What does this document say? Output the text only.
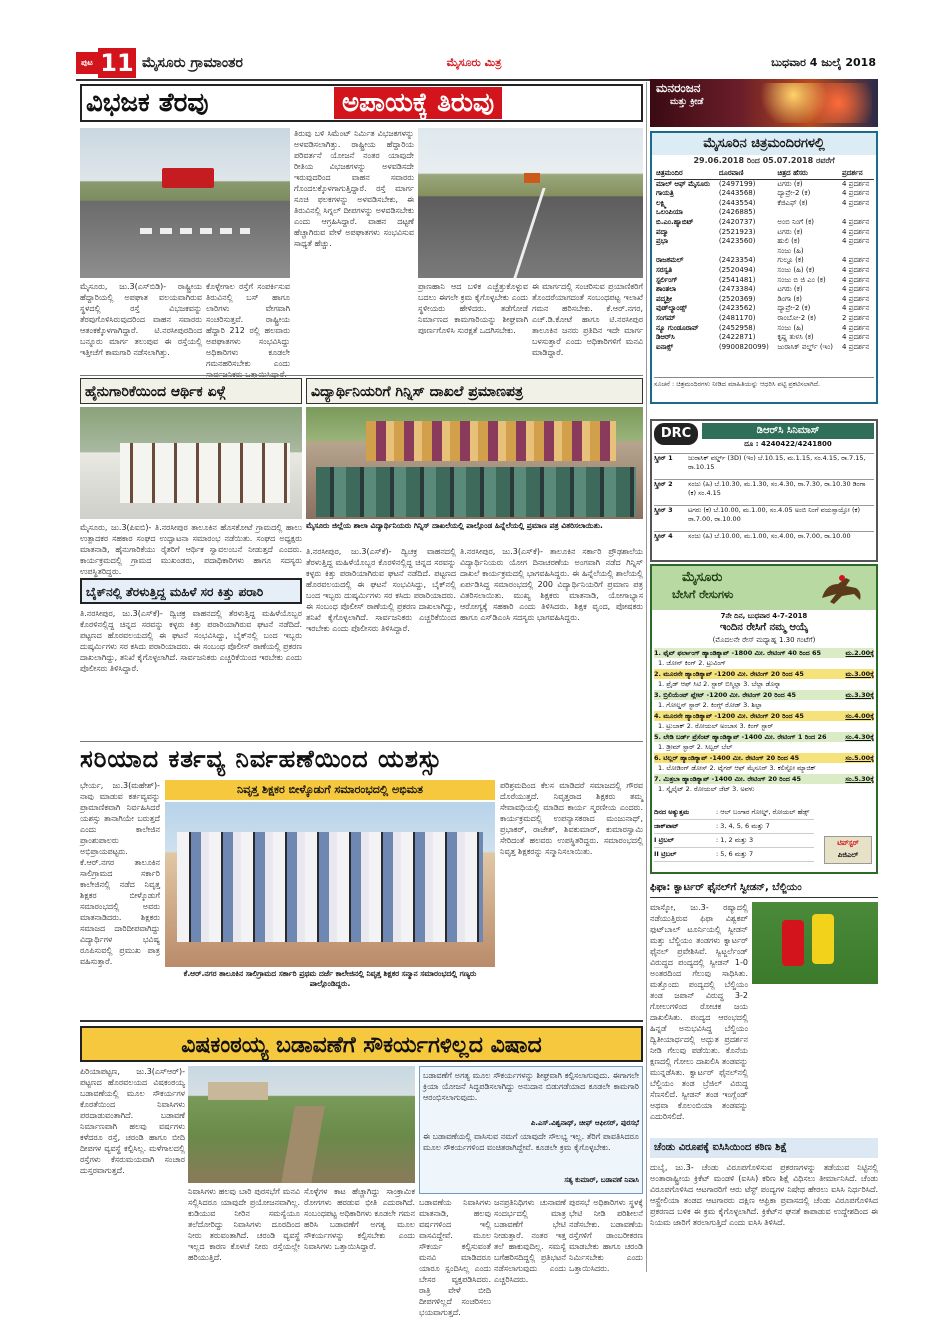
ಪುಟ 11 ಮೈಸೂರು ಗ್ರಾಮಾಂತರ	ಮೈಸೂರು ಮಿತ್ರ	ಬುಧವಾರ 4 ಜುಲೈ 2018
ವಿಭಜಕ ತೆರವು	ಅಪಾಯಕ್ಕೆ ತಿರುವು	ಮನರಂಜನ
ಮತ್ತು ಕ್ರೀಡೆ
ಮೈಸೂರು, ಜು.3(ಎಸ್‌ಬಿಡಿ)- ರಾಷ್ಟ್ರೀಯ ಹೆದ್ದಾರಿಯಲ್ಲಿ ಅಪಘಾತ ವಲಯವಾಗಿರುವ ಸ್ಥಳದಲ್ಲಿ ರಸ್ತೆ ವಿಭಜಕವನ್ನು ತೆರವುಗೊಳಿಸಿರುವುದರಿಂದ ವಾಹನ ಸವಾರರು ಆತಂಕಕ್ಕೊಳಗಾಗಿದ್ದಾರೆ. ಟಿ.ನರಸೀಪುರದಿಂದ ಬನ್ನೂರು ಮಾರ್ಗ ತಲುಪುವ ಈ ರಸ್ತೆಯಲ್ಲಿ ಇತ್ತೀಚೆಗೆ ಕಾಮಗಾರಿ ನಡೆಸಲಾಗಿತ್ತು.
ಕೊಳ್ಳೇಗಾಲ ರಸ್ತೆಗೆ ಸಂಪರ್ಕಿಸುವ ತಿರುವಿನಲ್ಲಿ ಬಸ್ ಹಾಗೂ ಲಾರಿಗಳು ವೇಗವಾಗಿ ಸಂಚರಿಸುತ್ತವೆ. ರಾಷ್ಟ್ರೀಯ ಹೆದ್ದಾರಿ 212 ರಲ್ಲಿ ಹಲವಾರು ಅಪಘಾತಗಳು ಸಂಭವಿಸಿದ್ದು ಅಧಿಕಾರಿಗಳು ಕೂಡಲೇ ಗಮನಹರಿಸಬೇಕು ಎಂದು
ತಿರುವು ಬಳಿ ಸಿಮೆಂಟ್ ನಿರ್ಮಿತ ವಿಭಜಕಗಳನ್ನು ಅಳವಡಿಸಲಾಗಿತ್ತು. ರಾಷ್ಟ್ರೀಯ ಹೆದ್ದಾರಿಯ ಪರಿವರ್ತನೆ ಯೋಜನೆ ನಂತರ ಯಾವುದೇ ರೀತಿಯ ವಿಭಜಕಗಳನ್ನು ಅಳವಡಿಸದೇ ಇರುವುದರಿಂದ ವಾಹನ ಸವಾರರು ಗೊಂದಲಕ್ಕೊಳಗಾಗುತ್ತಿದ್ದಾರೆ. ರಸ್ತೆ ಮಾರ್ಗ ಸೂಚಿ ಫಲಕಗಳನ್ನು ಅಳವಡಿಸಬೇಕು, ಈ ತಿರುವಿನಲ್ಲಿ ಸಿಗ್ನಲ್ ದೀಪಗಳನ್ನು ಅಳವಡಿಸಬೇಕು ಎಂದು ಆಗ್ರಹಿಸಿದ್ದಾರೆ. ವಾಹನ ದಟ್ಟಣೆ ಹೆಚ್ಚಾಗಿರುವ ವೇಳೆ ಅಪಘಾತಗಳು ಸಂಭವಿಸುವ ಸಾಧ್ಯತೆ ಹೆಚ್ಚು.
ಪ್ರಾಣಹಾನಿ ಆದ ಬಳಿಕ ಎಚ್ಚೆತ್ತುಕೊಳ್ಳುವ ಬದಲು ಈಗಲೇ ಕ್ರಮ ಕೈಗೊಳ್ಳಬೇಕು ಎಂದು ಸ್ಥಳೀಯರು ಹೇಳಿದರು. ತಡೆಗೋಡೆ ನಿರ್ಮಾಣದ ಕಾಮಗಾರಿಯನ್ನು ಶೀಘ್ರವಾಗಿ ಪೂರ್ಣಗೊಳಿಸಿ ಸುರಕ್ಷತೆ ಒದಗಿಸಬೇಕು.
ಈ ಮಾರ್ಗದಲ್ಲಿ ಸಂಚರಿಸುವ ಪ್ರಯಾಣಿಕರಿಗೆ ತೊಂದರೆಯಾಗದಂತೆ ಸಂಬಂಧಪಟ್ಟ ಇಲಾಖೆ ಗಮನ ಹರಿಸಬೇಕು. ಕೆ.ಆರ್.ನಗರ, ಎಚ್.ಡಿ.ಕೋಟೆ ಹಾಗೂ ಟಿ.ನರಸೀಪುರ ತಾಲೂಕಿನ ಜನರು ಪ್ರತಿದಿನ ಇದೇ ಮಾರ್ಗ ಬಳಸುತ್ತಾರೆ ಎಂದು ಅಧಿಕಾರಿಗಳಿಗೆ ಮನವಿ ಮಾಡಿದ್ದಾರೆ.
ಮೈಸೂರಿನ ಚಿತ್ರಮಂದಿರಗಳಲ್ಲಿ
29.06.2018 ರಿಂದ 05.07.2018 ರವರೆಗೆ
ಚಿತ್ರಮಂದಿರ	ದೂರವಾಣಿ	ಚಿತ್ರದ ಹೆಸರು	ಪ್ರದರ್ಶನ
ಮಾಲ್ ಆಫ್ ಮೈಸೂರು	(2497199)	ಟಗರು (ಕ)	4 ಪ್ರದರ್ಶನ
ಗಾಯತ್ರಿ	(2443568)	ದ್ಯಾವ್ರೇ-2 (ಕ)	4 ಪ್ರದರ್ಶನ
ಲಕ್ಷ್ಮಿ	(2443554)	ಕೆಜಿಎಫ್ (ಕ)	4 ಪ್ರದರ್ಶನ
ಒಲಂಪಿಯಾ	(2426885)		
ಬಿ.ಎಂ.ಹ್ಯಾಬಿಟ್	(2420737)	ಅಂಬಿ ನಿಂಗೆ (ಕ)	4 ಪ್ರದರ್ಶನ
ಪದ್ಮಾ	(2521923)	ಟಗರು (ಕ)	4 ಪ್ರದರ್ಶನ
ಪ್ರಭಾ	(2423560)	ಹುಲಿ (ಕ)	4 ಪ್ರದರ್ಶನ
		ಸಂಜು (ಹಿ)	
ರಾಜಕಮಲ್	(2423354)	ಗುಲ್ಟೂ (ಕ)	4 ಪ್ರದರ್ಶನ
ಸರಸ್ವತಿ	(2520494)	ಸಂಜು (ಹಿ) (ಕ)	4 ಪ್ರದರ್ಶನ
ಸ್ಟರ್ಲಿಂಗ್	(2541481)	ಸಂಜು ಬಿ ಜಿ ಎಂ (ಕ)	4 ಪ್ರದರ್ಶನ
ಶಾಂತಲಾ	(2473384)	ಟಗರು (ಕ)	4 ಪ್ರದರ್ಶನ
ಪದ್ಮಶ್ರೀ	(2520369)	ಡಿಂಗಾ (ಕ)	4 ಪ್ರದರ್ಶನ
ವುಡ್‌ಲ್ಯಾಂಡ್ಸ್	(2423562)	ದ್ಯಾವ್ರೇ-2 (ಕ)	4 ಪ್ರದರ್ಶನ
ಸಂಗಮ್	(2481170)	ರಾಂಬೋ-2 (ಕ)	2 ಪ್ರದರ್ಶನ
ನ್ಯೂ ಗುಂಡೂರಾವ್	(2452958)	ಸಂಜು (ಹಿ)	4 ಪ್ರದರ್ಶನ
ಡಿಆರ್‌ಸಿ	(2422871)	ಕೃಷ್ಣ ತುಳಸಿ (ಕ)	4 ಪ್ರದರ್ಶನ
ಐನಾಕ್ಸ್	(9900820099)	ಜುರಾಸಿಕ್ ವರ್ಲ್ಡ್ (ಇಂ)	4 ಪ್ರದರ್ಶನ
ಸೂಚನೆ : ಚಿತ್ರಮಂದಿರಗಳು ನೀಡಿದ ಮಾಹಿತಿಯನ್ನು ಆಧರಿಸಿ ಪಟ್ಟಿ ಪ್ರಕಟಿಸಲಾಗಿದೆ.
DRC	ಡಿಆರ್‌ಸಿ ಸಿನಿಮಾಸ್
ದೂ : 4240422/4241800
ಸ್ಕ್ರೀನ್ 1	ಜುರಾಸಿಕ್ ವರ್ಲ್ಡ್ (3D) (ಇಂ) ಬೆ.10.15, ಮ.1.15, ಸಂ.4.15, ರಾ.7.15, ರಾ.10.15
ಸ್ಕ್ರೀನ್ 2	ಸಂಜು (ಹಿ) ಬೆ.10.30, ಮ.1.30, ಸಂ.4.30, ರಾ.7.30, ರಾ.10.30 ಡಿಂಗಾ (ಕ) ಸಂ.4.15
ಸ್ಕ್ರೀನ್ 3	ಟಗರು (ಕ) ಬೆ.10.00, ಮ.1.00, ಸಂ.4.05 ಅಂಬಿ ನಿಂಗೆ ವಯಸ್ಸಾಯ್ತೋ (ಕ) ರಾ.7.00, ರಾ.10.00
ಸ್ಕ್ರೀನ್ 4	ಸಂಜು (ಹಿ) ಬೆ.10.00, ಮ.1.00, ಸಂ.4.00, ರಾ.7.00, ರಾ.10.00
ಮೈಸೂರು
ಬೇಸಿಗೆ ರೇಸುಗಳು
7ನೇ ದಿನ, ಬುಧವಾರ 4-7-2018
ಇಂದಿನ ರೇಸಿಗೆ ನಮ್ಮ ಆಯ್ಕೆ
(ಮೊದಲನೇ ರೇಸ್ ಮಧ್ಯಾಹ್ನ 1.30 ಗಂಟೆಗೆ)
1. ಫೈವ್ ಫರ್ಲಾಂಗ್ ಹ್ಯಾಂಡಿಕ್ಯಾಪ್ -1800 ಮೀ. ರೇಟಿಂಗ್ 40 ರಿಂದ 65	ಮ.2.00ಕ್ಕೆ
1. ಜೋನ್ ಕಿಂಗ್ 2. ಟ್ರುವಿಂಗ್
2. ಮೂರನೇ ಹ್ಯಾಂಡಿಕ್ಯಾಪ್ -1200 ಮೀ. ರೇಟಿಂಗ್ 20 ರಿಂದ 45	ಮ.3.00ಕ್ಕೆ
1. ಪ್ರೈಡ್ ಆಫ್ ಸಿಟಿ 2. ಸ್ಟಾರ್ ಬಿಸ್ಮಿಲ್ಲಾ 3. ಬೆಲ್ಲಾ ಡೊನ್ನಾ
3. ಬ್ರಿಲಿಯೆಂಟ್ ಪ್ಲೇಟ್ -1200 ಮೀ. ರೇಟಿಂಗ್ 20 ರಿಂದ 45	ಮ.3.30ಕ್ಕೆ
1. ಗೋಲ್ಡನ್ ಸ್ಟಾರ್ 2. ಕಿಂಗ್ಸ್ ರೋಡ್ 3. ಶಿಲ್ಪಾ
4. ಮೂರನೇ ಹ್ಯಾಂಡಿಕ್ಯಾಪ್ -1200 ಮೀ. ರೇಟಿಂಗ್ 20 ರಿಂದ 45	ಸಂ.4.00ಕ್ಕೆ
1. ಟ್ರುಬಾಕ್ 2. ರೋಯಲ್ ಅಂಬಾಸ 3. ಕಿಂಗ್ ಸ್ಟಾರ್
5. ಲೇಡಿ ಬರ್ಡ್ ಪ್ರೆಸೆಂಟ್ ಹ್ಯಾಂಡಿಕ್ಯಾಪ್ -1400 ಮೀ. ರೇಟಿಂಗ್ 1 ರಿಂದ 26	ಸಂ.4.30ಕ್ಕೆ
1. ಡ್ರೀಮ್ ಸ್ಟಾರ್ 2. ಸಿಲ್ವರ್ ಬೆಲ್
6. ಟಿಲ್ಲರ್ ಹ್ಯಾಂಡಿಕ್ಯಾಪ್ -1400 ಮೀ. ರೇಟಿಂಗ್ 20 ರಿಂದ 45	ಸಂ.5.00ಕ್ಕೆ
1. ಲೋಡಿಂಗ್ ಡೋಸ್ 2. ಟೈಗರ್ ಆಫ್ ಮೈಸೂರ್ 3. ಕಲಿಸ್ಟೋ ಮ್ಯಾಜಿಕ್
7. ಮಿತ್ರಬಾ ಹ್ಯಾಂಡಿಕ್ಯಾಪ್ -1400 ಮೀ. ರೇಟಿಂಗ್ 20 ರಿಂದ 45	ಸಂ.5.30ಕ್ಕೆ
1. ಸ್ಕೈಲೈಟ್ 2. ರೋಯಲ್ ಜೆಟ್ 3. ಅವಳು
ದಿನದ ಅತ್ಯುತ್ತಮ	: ಆಲ್ ಬಂಗಾರ ಗೋಲ್ಡ್, ರೋಯಲ್ ಹೆಡ್ಸ್
ಜಾಕ್‌ಪಾಟ್	: 3, 4, 5, 6 ಮತ್ತು 7
I ಟ್ರಿಬಲ್	: 1, 2 ಮತ್ತು 3
II ಟ್ರಿಬಲ್	: 5, 6 ಮತ್ತು 7
ಟಿಪ್‌ಸ್ಟರ್
ಪಿಜಿಎಲ್
ಹೈನುಗಾರಿಕೆಯಿಂದ ಆರ್ಥಿಕ ಏಳ್ಗೆ
ಮೈಸೂರು, ಜು.3(ಪಿಐಬಿ)- ತಿ.ನರಸೀಪುರ ತಾಲೂಕಿನ ಹೊಸಕೋಟೆ ಗ್ರಾಮದಲ್ಲಿ ಹಾಲು ಉತ್ಪಾದಕರ ಸಹಕಾರ ಸಂಘದ ಉದ್ಘಾಟನಾ ಸಮಾರಂಭ ನಡೆಯಿತು. ಸಂಘದ ಅಧ್ಯಕ್ಷರು ಮಾತನಾಡಿ, ಹೈನುಗಾರಿಕೆಯು ರೈತರಿಗೆ ಆರ್ಥಿಕ ಸ್ವಾವಲಂಬನೆ ನೀಡುತ್ತದೆ ಎಂದರು. ಕಾರ್ಯಕ್ರಮದಲ್ಲಿ ಗ್ರಾಮದ ಮುಖಂಡರು, ಪದಾಧಿಕಾರಿಗಳು ಹಾಗೂ ಸದಸ್ಯರು ಉಪಸ್ಥಿತರಿದ್ದರು.
ವಿದ್ಯಾರ್ಥಿನಿಯರಿಗೆ ಗಿನ್ನಿಸ್ ದಾಖಲೆ ಪ್ರಮಾಣಪತ್ರ
ಮೈಸೂರು ಜಿಲ್ಲೆಯ ಶಾಲಾ ವಿದ್ಯಾರ್ಥಿನಿಯರು ಗಿನ್ನಿಸ್ ದಾಖಲೆಯಲ್ಲಿ ಪಾಲ್ಗೊಂಡ ಹಿನ್ನೆಲೆಯಲ್ಲಿ ಪ್ರಮಾಣ ಪತ್ರ ವಿತರಿಸಲಾಯಿತು.
ತಿ.ನರಸೀಪುರ, ಜು.3(ಎಸ್‌ಕೆ)- ತಾಲೂಕಿನ ಸರ್ಕಾರಿ ಪ್ರೌಢಶಾಲೆಯ ವಿದ್ಯಾರ್ಥಿನಿಯರು ಯೋಗ ದಿನಾಚರಣೆಯ ಅಂಗವಾಗಿ ನಡೆದ ಗಿನ್ನಿಸ್ ದಾಖಲೆ ಕಾರ್ಯಕ್ರಮದಲ್ಲಿ ಭಾಗವಹಿಸಿದ್ದರು. ಈ ಹಿನ್ನೆಲೆಯಲ್ಲಿ ಶಾಲೆಯಲ್ಲಿ ಏರ್ಪಡಿಸಿದ್ದ ಸಮಾರಂಭದಲ್ಲಿ 200 ವಿದ್ಯಾರ್ಥಿನಿಯರಿಗೆ ಪ್ರಮಾಣ ಪತ್ರ ವಿತರಿಸಲಾಯಿತು. ಮುಖ್ಯ ಶಿಕ್ಷಕರು ಮಾತನಾಡಿ, ಯೋಗಾಭ್ಯಾಸ ಆರೋಗ್ಯಕ್ಕೆ ಸಹಕಾರಿ ಎಂದು ತಿಳಿಸಿದರು. ಶಿಕ್ಷಕ ವೃಂದ, ಪೋಷಕರು ಹಾಗೂ ಎಸ್‌ಡಿಎಂಸಿ ಸದಸ್ಯರು ಭಾಗವಹಿಸಿದ್ದರು.
ಬೈಕ್‌ನಲ್ಲಿ ತೆರಳುತ್ತಿದ್ದ ಮಹಿಳೆ ಸರ ಕಿತ್ತು ಪರಾರಿ
ತಿ.ನರಸೀಪುರ, ಜು.3(ಎಸ್‌ಕೆ)- ದ್ವಿಚಕ್ರ ವಾಹನದಲ್ಲಿ ತೆರಳುತ್ತಿದ್ದ ಮಹಿಳೆಯೊಬ್ಬರ ಕೊರಳಿನಲ್ಲಿದ್ದ ಚಿನ್ನದ ಸರವನ್ನು ಕಳ್ಳರು ಕಿತ್ತು ಪರಾರಿಯಾಗಿರುವ ಘಟನೆ ನಡೆದಿದೆ. ಪಟ್ಟಣದ ಹೊರವಲಯದಲ್ಲಿ ಈ ಘಟನೆ ಸಂಭವಿಸಿದ್ದು, ಬೈಕ್‌ನಲ್ಲಿ ಬಂದ ಇಬ್ಬರು ದುಷ್ಕರ್ಮಿಗಳು ಸರ ಕಸಿದು ಪರಾರಿಯಾದರು. ಈ ಸಂಬಂಧ ಪೊಲೀಸ್ ಠಾಣೆಯಲ್ಲಿ ಪ್ರಕರಣ ದಾಖಲಾಗಿದ್ದು, ತನಿಖೆ ಕೈಗೊಳ್ಳಲಾಗಿದೆ. ಸಾರ್ವಜನಿಕರು ಎಚ್ಚರಿಕೆಯಿಂದ ಇರಬೇಕು ಎಂದು ಪೊಲೀಸರು ತಿಳಿಸಿದ್ದಾರೆ.
ತಿ.ನರಸೀಪುರ, ಜು.3(ಎಸ್‌ಕೆ)- ದ್ವಿಚಕ್ರ ವಾಹನದಲ್ಲಿ ತೆರಳುತ್ತಿದ್ದ ಮಹಿಳೆಯೊಬ್ಬರ ಕೊರಳಿನಲ್ಲಿದ್ದ ಚಿನ್ನದ ಸರವನ್ನು ಕಳ್ಳರು ಕಿತ್ತು ಪರಾರಿಯಾಗಿರುವ ಘಟನೆ ನಡೆದಿದೆ. ಪಟ್ಟಣದ ಹೊರವಲಯದಲ್ಲಿ ಈ ಘಟನೆ ಸಂಭವಿಸಿದ್ದು, ಬೈಕ್‌ನಲ್ಲಿ ಬಂದ ಇಬ್ಬರು ದುಷ್ಕರ್ಮಿಗಳು ಸರ ಕಸಿದು ಪರಾರಿಯಾದರು. ಈ ಸಂಬಂಧ ಪೊಲೀಸ್ ಠಾಣೆಯಲ್ಲಿ ಪ್ರಕರಣ ದಾಖಲಾಗಿದ್ದು, ತನಿಖೆ ಕೈಗೊಳ್ಳಲಾಗಿದೆ. ಸಾರ್ವಜನಿಕರು ಎಚ್ಚರಿಕೆಯಿಂದ ಇರಬೇಕು ಎಂದು ಪೊಲೀಸರು ತಿಳಿಸಿದ್ದಾರೆ.
ಸರಿಯಾದ ಕರ್ತವ್ಯ ನಿರ್ವಹಣೆಯಿಂದ ಯಶಸ್ಸು
ಭೇರ್ಯ, ಜು.3(ಮಹೇಶ್)- ನಾವು ಮಾಡುವ ಕರ್ತವ್ಯವನ್ನು ಪ್ರಾಮಾಣಿಕವಾಗಿ ನಿರ್ವಹಿಸಿದರೆ ಯಶಸ್ಸು ತಾನಾಗಿಯೇ ಬರುತ್ತದೆ ಎಂದು ಕಾಲೇಜಿನ ಪ್ರಾಂಶುಪಾಲರು ಅಭಿಪ್ರಾಯಪಟ್ಟರು. ಕೆ.ಆರ್.ನಗರ ತಾಲೂಕಿನ ಸಾಲಿಗ್ರಾಮದ ಸರ್ಕಾರಿ ಕಾಲೇಜಿನಲ್ಲಿ ನಡೆದ ನಿವೃತ್ತ ಶಿಕ್ಷಕರ ಬೀಳ್ಕೊಡುಗೆ ಸಮಾರಂಭದಲ್ಲಿ ಅವರು ಮಾತನಾಡಿದರು. ಶಿಕ್ಷಕರು ಸಮಾಜದ ದಾರಿದೀಪವಾಗಿದ್ದು ವಿದ್ಯಾರ್ಥಿಗಳ ಭವಿಷ್ಯ ರೂಪಿಸುವಲ್ಲಿ ಪ್ರಮುಖ ಪಾತ್ರ ವಹಿಸುತ್ತಾರೆ.
ನಿವೃತ್ತ ಶಿಕ್ಷಕರ ಬೀಳ್ಕೊಡುಗೆ ಸಮಾರಂಭದಲ್ಲಿ ಅಭಿಮತ
ಕೆ.ಆರ್.ನಗರ ತಾಲೂಕಿನ ಸಾಲಿಗ್ರಾಮದ ಸರ್ಕಾರಿ ಪ್ರಥಮ ದರ್ಜೆ ಕಾಲೇಜಿನಲ್ಲಿ ನಿವೃತ್ತ ಶಿಕ್ಷಕರ ಸನ್ಮಾನ ಸಮಾರಂಭದಲ್ಲಿ ಗಣ್ಯರು ಪಾಲ್ಗೊಂಡಿದ್ದರು.
ಪರಿಶ್ರಮದಿಂದ ಕೆಲಸ ಮಾಡಿದರೆ ಸಮಾಜದಲ್ಲಿ ಗೌರವ ದೊರೆಯುತ್ತದೆ. ನಿವೃತ್ತರಾದ ಶಿಕ್ಷಕರು ತಮ್ಮ ಸೇವಾವಧಿಯಲ್ಲಿ ಮಾಡಿದ ಕಾರ್ಯ ಸ್ಮರಣೀಯ ಎಂದರು. ಕಾರ್ಯಕ್ರಮದಲ್ಲಿ ಉಪನ್ಯಾಸಕರಾದ ಮಂಜುನಾಥ್, ಪ್ರಭಾಕರ್, ರಾಜೇಶ್, ಶಿವಕುಮಾರ್, ಕುಮಾರಸ್ವಾಮಿ ಸೇರಿದಂತೆ ಹಲವರು ಉಪಸ್ಥಿತರಿದ್ದರು. ಸಮಾರಂಭದಲ್ಲಿ ನಿವೃತ್ತ ಶಿಕ್ಷಕರನ್ನು ಸನ್ಮಾನಿಸಲಾಯಿತು.
ಫಿಫಾ: ಕ್ವಾರ್ಟರ್ ಫೈನಲ್‌ಗೆ ಸ್ವೀಡನ್, ಬೆಲ್ಜಿಯಂ
ಮಾಸ್ಕೋ, ಜು.3- ರಷ್ಯಾದಲ್ಲಿ ನಡೆಯುತ್ತಿರುವ ಫಿಫಾ ವಿಶ್ವಕಪ್ ಫುಟ್‌ಬಾಲ್ ಟೂರ್ನಿಯಲ್ಲಿ ಸ್ವೀಡನ್ ಮತ್ತು ಬೆಲ್ಜಿಯಂ ತಂಡಗಳು ಕ್ವಾರ್ಟರ್ ಫೈನಲ್ ಪ್ರವೇಶಿಸಿವೆ. ಸ್ವಿಟ್ಜರ್ಲೆಂಡ್ ವಿರುದ್ಧದ ಪಂದ್ಯದಲ್ಲಿ ಸ್ವೀಡನ್ 1-0 ಅಂತರದಿಂದ ಗೆಲುವು ಸಾಧಿಸಿತು. ಮತ್ತೊಂದು ಪಂದ್ಯದಲ್ಲಿ ಬೆಲ್ಜಿಯಂ ತಂಡ ಜಪಾನ್ ವಿರುದ್ಧ 3-2 ಗೋಲುಗಳಿಂದ ರೋಚಕ ಜಯ ದಾಖಲಿಸಿತು. ಪಂದ್ಯದ ಆರಂಭದಲ್ಲಿ ಹಿನ್ನಡೆ ಅನುಭವಿಸಿದ್ದ ಬೆಲ್ಜಿಯಂ ದ್ವಿತೀಯಾರ್ಧದಲ್ಲಿ ಅದ್ಭುತ ಪ್ರದರ್ಶನ ನೀಡಿ ಗೆಲುವು ಪಡೆಯಿತು. ಕೊನೆಯ ಕ್ಷಣದಲ್ಲಿ ಗೋಲು ದಾಖಲಿಸಿ ತಂಡವನ್ನು ಮುನ್ನಡೆಸಿತು. ಕ್ವಾರ್ಟರ್ ಫೈನಲ್‌ನಲ್ಲಿ ಬೆಲ್ಜಿಯಂ ತಂಡ ಬ್ರೆಜಿಲ್ ವಿರುದ್ಧ ಸೆಣಸಲಿದೆ. ಸ್ವೀಡನ್ ತಂಡ ಇಂಗ್ಲೆಂಡ್ ಅಥವಾ ಕೊಲಂಬಿಯಾ ತಂಡವನ್ನು ಎದುರಿಸಲಿದೆ.
ಚೆಂಡು ವಿರೂಪಕ್ಕೆ ಐಸಿಸಿಯಿಂದ ಕಠಿಣ ಶಿಕ್ಷೆ
ದುಬೈ, ಜು.3- ಚೆಂಡು ವಿರೂಪಗೊಳಿಸುವ ಪ್ರಕರಣಗಳನ್ನು ತಡೆಯುವ ನಿಟ್ಟಿನಲ್ಲಿ ಅಂತಾರಾಷ್ಟ್ರೀಯ ಕ್ರಿಕೆಟ್ ಮಂಡಳಿ (ಐಸಿಸಿ) ಕಠಿಣ ಶಿಕ್ಷೆ ವಿಧಿಸಲು ತೀರ್ಮಾನಿಸಿದೆ. ಚೆಂಡು ವಿರೂಪಗೊಳಿಸಿದ ಆಟಗಾರರಿಗೆ ಆರು ಟೆಸ್ಟ್ ಪಂದ್ಯಗಳ ನಿಷೇಧ ಹೇರಲು ಐಸಿಸಿ ನಿರ್ಧರಿಸಿದೆ. ಆಸ್ಟ್ರೇಲಿಯಾ ತಂಡದ ಆಟಗಾರರು ದಕ್ಷಿಣ ಆಫ್ರಿಕಾ ಪ್ರವಾಸದಲ್ಲಿ ಚೆಂಡು ವಿರೂಪಗೊಳಿಸಿದ ಪ್ರಕರಣದ ಬಳಿಕ ಈ ಕ್ರಮ ಕೈಗೊಳ್ಳಲಾಗಿದೆ. ಕ್ರಿಕೆಟ್‌ನ ಘನತೆ ಕಾಪಾಡುವ ಉದ್ದೇಶದಿಂದ ಈ ನಿಯಮ ಜಾರಿಗೆ ತರಲಾಗುತ್ತಿದೆ ಎಂದು ಐಸಿಸಿ ತಿಳಿಸಿದೆ.
ವಿಷಕಂಠಯ್ಯ ಬಡಾವಣೆಗೆ ಸೌಕರ್ಯಗಳಿಲ್ಲದ ವಿಷಾದ
ಪಿರಿಯಾಪಟ್ಟಣ, ಜು.3(ಎಸ್‌ಆರ್)- ಪಟ್ಟಣದ ಹೊರವಲಯದ ವಿಷಕಂಠಯ್ಯ ಬಡಾವಣೆಯಲ್ಲಿ ಮೂಲ ಸೌಕರ್ಯಗಳ ಕೊರತೆಯಿಂದ ನಿವಾಸಿಗಳು ಪರದಾಡುವಂತಾಗಿದೆ. ಬಡಾವಣೆ ನಿರ್ಮಾಣವಾಗಿ ಹಲವು ವರ್ಷಗಳು ಕಳೆದರೂ ರಸ್ತೆ, ಚರಂಡಿ ಹಾಗೂ ಬೀದಿ ದೀಪಗಳ ವ್ಯವಸ್ಥೆ ಕಲ್ಪಿಸಿಲ್ಲ. ಮಳೆಗಾಲದಲ್ಲಿ ರಸ್ತೆಗಳು ಕೆಸರುಮಯವಾಗಿ ಸಂಚಾರ ದುಸ್ತರವಾಗುತ್ತದೆ.
ನಿವಾಸಿಗಳು ಹಲವು ಬಾರಿ ಪುರಸಭೆಗೆ ಮನವಿ ಸಲ್ಲಿಸಿದರೂ ಯಾವುದೇ ಪ್ರಯೋಜನವಾಗಿಲ್ಲ. ಕುಡಿಯುವ ನೀರಿನ ಸಮಸ್ಯೆಯೂ ತಲೆದೋರಿದ್ದು ನಿವಾಸಿಗಳು ದೂರದಿಂದ ನೀರು ತರುವಂತಾಗಿದೆ. ಚರಂಡಿ ವ್ಯವಸ್ಥೆ ಇಲ್ಲದ ಕಾರಣ ಕೊಳಚೆ ನೀರು ರಸ್ತೆಯಲ್ಲೇ ಹರಿಯುತ್ತಿದೆ.
ಸೊಳ್ಳೆಗಳ ಕಾಟ ಹೆಚ್ಚಾಗಿದ್ದು ಸಾಂಕ್ರಾಮಿಕ ರೋಗಗಳು ಹರಡುವ ಭೀತಿ ಎದುರಾಗಿದೆ. ಸಂಬಂಧಪಟ್ಟ ಅಧಿಕಾರಿಗಳು ಕೂಡಲೇ ಗಮನ ಹರಿಸಿ ಬಡಾವಣೆಗೆ ಅಗತ್ಯ ಮೂಲ ಸೌಕರ್ಯಗಳನ್ನು ಕಲ್ಪಿಸಬೇಕು ಎಂದು ನಿವಾಸಿಗಳು ಒತ್ತಾಯಿಸಿದ್ದಾರೆ.
ಬಡಾವಣೆಗೆ ಅಗತ್ಯ ಮೂಲ ಸೌಕರ್ಯಗಳನ್ನು ಶೀಘ್ರವಾಗಿ ಕಲ್ಪಿಸಲಾಗುವುದು. ಈಗಾಗಲೇ ಕ್ರಿಯಾ ಯೋಜನೆ ಸಿದ್ಧಪಡಿಸಲಾಗಿದ್ದು ಅನುದಾನ ಬಿಡುಗಡೆಯಾದ ಕೂಡಲೇ ಕಾಮಗಾರಿ ಆರಂಭಿಸಲಾಗುವುದು.
ಪಿ.ಎಸ್.ವಿಶ್ವನಾಥ್, ಚೀಫ್ ಆಫೀಸರ್, ಪುರಸಭೆ
ಈ ಬಡಾವಣೆಯಲ್ಲಿ ವಾಸಿಸುವ ನಮಗೆ ಯಾವುದೇ ಸೌಲಭ್ಯ ಇಲ್ಲ. ತೆರಿಗೆ ಪಾವತಿಸಿದರೂ ಮೂಲ ಸೌಕರ್ಯಗಳಿಂದ ವಂಚಿತರಾಗಿದ್ದೇವೆ. ಕೂಡಲೇ ಕ್ರಮ ಕೈಗೊಳ್ಳಬೇಕು.
ಸತ್ಯ ಕುಮಾರ್, ಬಡಾವಣೆ ನಿವಾಸಿ
ಬಡಾವಣೆಯ ನಿವಾಸಿಗಳು ಮಾತನಾಡಿ, ಹಲವು ವರ್ಷಗಳಿಂದ ಇಲ್ಲಿ ವಾಸವಿದ್ದೇವೆ. ಮೂಲ ಸೌಕರ್ಯ ಕಲ್ಪಿಸುವಂತೆ ಮನವಿ ಮಾಡಿದರೂ ಯಾರೂ ಸ್ಪಂದಿಸಿಲ್ಲ ಎಂದು ಬೇಸರ ವ್ಯಕ್ತಪಡಿಸಿದರು. ರಾತ್ರಿ ವೇಳೆ ಬೀದಿ ದೀಪಗಳಿಲ್ಲದೆ ಸಂಚರಿಸಲು ಭಯವಾಗುತ್ತದೆ.
ಜನಪ್ರತಿನಿಧಿಗಳು ಚುನಾವಣೆ ಸಂದರ್ಭದಲ್ಲಿ ಮಾತ್ರ ಬಡಾವಣೆಗೆ ಭೇಟಿ ನೀಡುತ್ತಾರೆ. ನಂತರ ಇತ್ತ ತಲೆ ಹಾಕುವುದಿಲ್ಲ. ಸಮಸ್ಯೆ ಬಗೆಹರಿಸದಿದ್ದಲ್ಲಿ ಪ್ರತಿಭಟನೆ ನಡೆಸಲಾಗುವುದು ಎಂದು ಎಚ್ಚರಿಸಿದರು.
ಪುರಸಭೆ ಅಧಿಕಾರಿಗಳು ಸ್ಥಳಕ್ಕೆ ಭೇಟಿ ನೀಡಿ ಪರಿಶೀಲನೆ ನಡೆಸಬೇಕು. ಬಡಾವಣೆಯ ರಸ್ತೆಗಳಿಗೆ ಡಾಂಬರೀಕರಣ ಮಾಡಬೇಕು ಹಾಗೂ ಚರಂಡಿ ನಿರ್ಮಿಸಬೇಕು ಎಂದು ಒತ್ತಾಯಿಸಿದರು.
